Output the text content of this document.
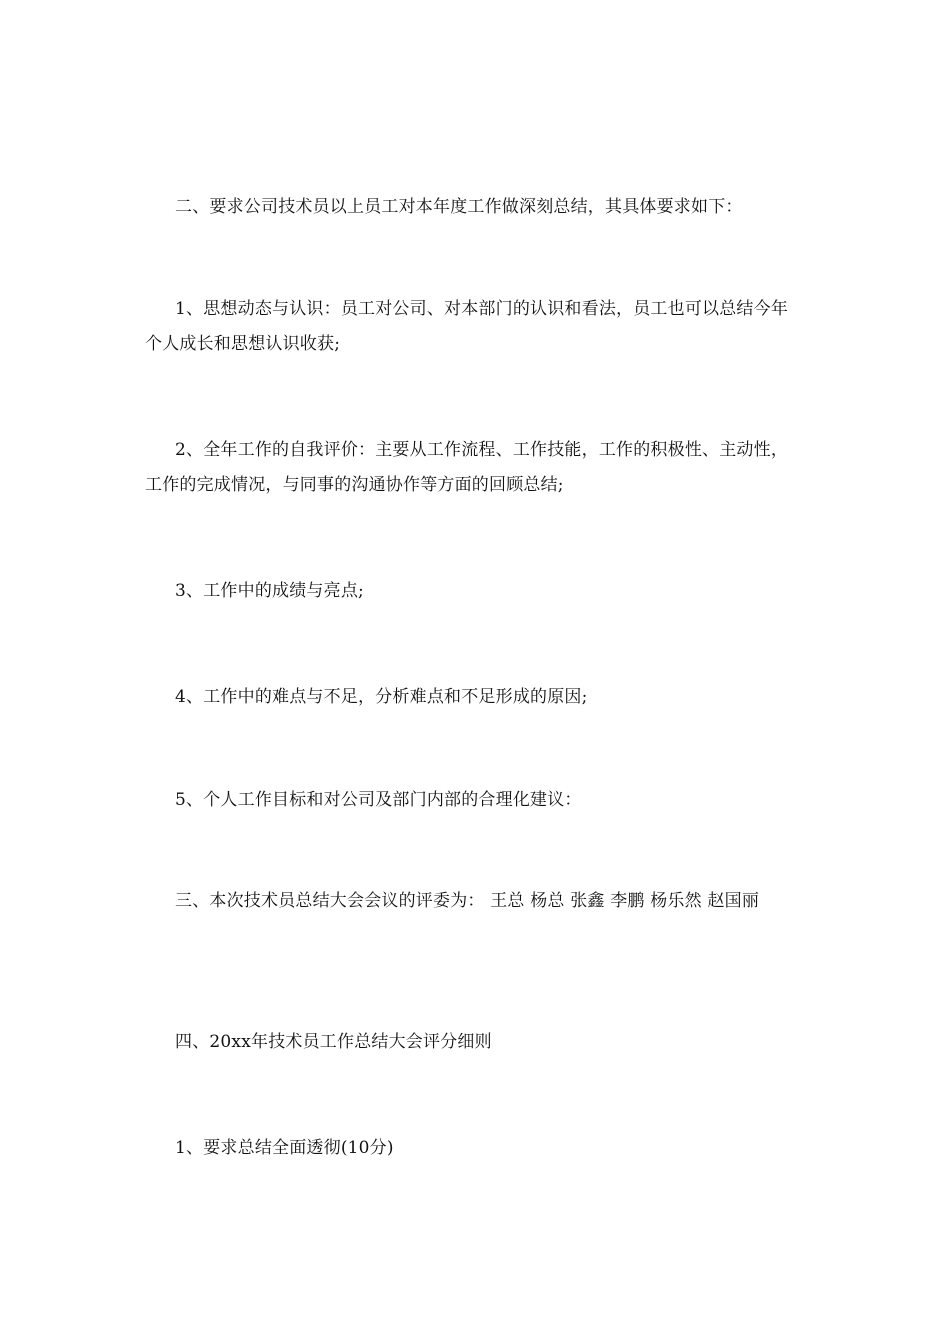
二、要求公司技术员以上员工对本年度工作做深刻总结，其具体要求如下：

1、思想动态与认识：员工对公司、对本部门的认识和看法，员工也可以总结今年个人成长和思想认识收获;

2、全年工作的自我评价：主要从工作流程、工作技能，工作的积极性、主动性，工作的完成情况，与同事的沟通协作等方面的回顾总结;

3、工作中的成绩与亮点;

4、工作中的难点与不足，分析难点和不足形成的原因;

5、个人工作目标和对公司及部门内部的合理化建议：

三、本次技术员总结大会会议的评委为： 王总 杨总 张鑫 李鹏 杨乐然 赵国丽

四、20xx年技术员工作总结大会评分细则

1、要求总结全面透彻(10分)
